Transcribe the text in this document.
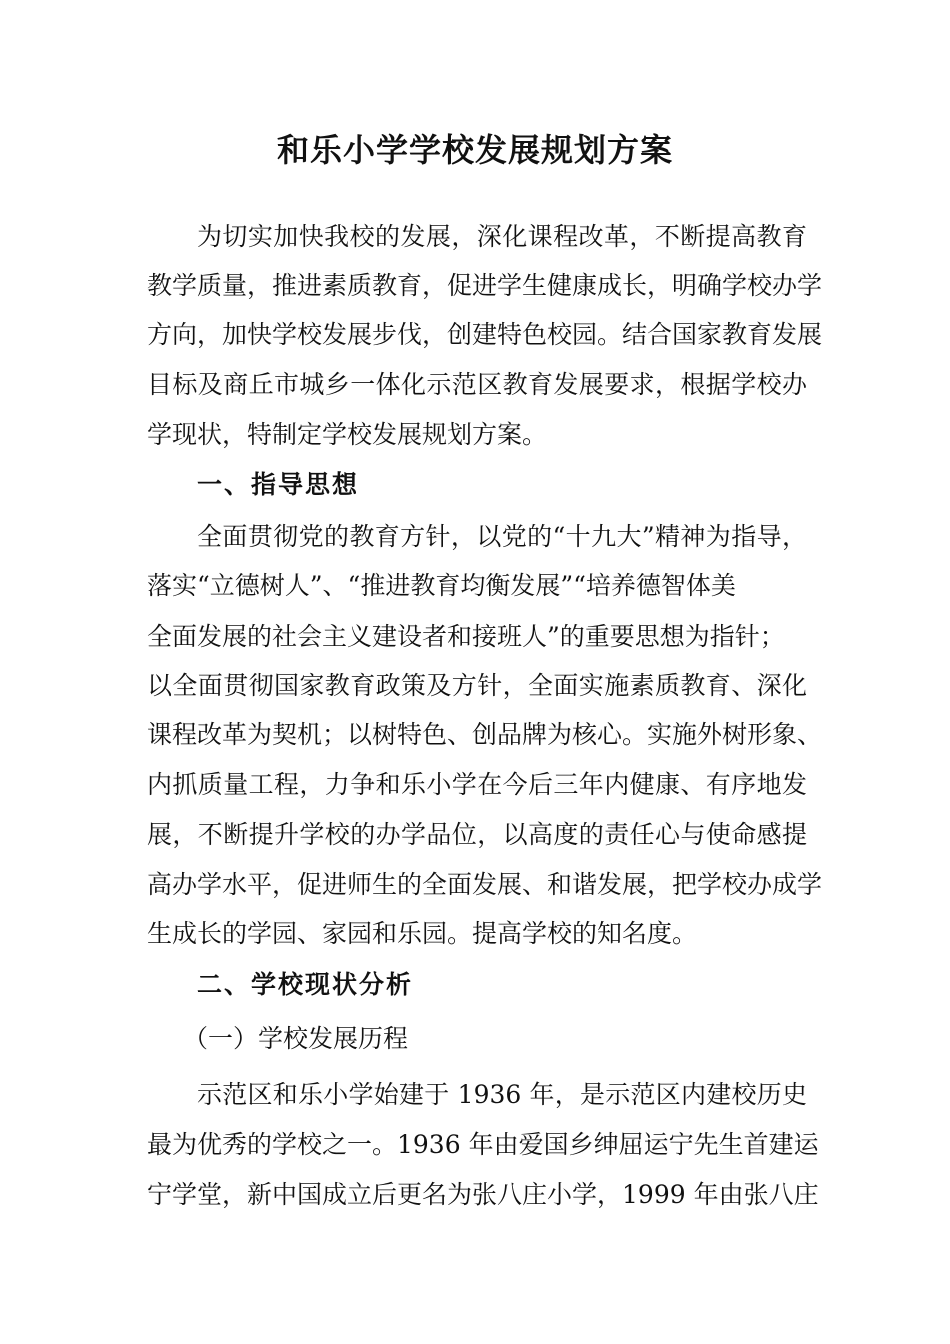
和乐小学学校发展规划方案
为切实加快我校的发展，深化课程改革，不断提高教育
教学质量，推进素质教育，促进学生健康成长，明确学校办学
方向，加快学校发展步伐，创建特色校园。结合国家教育发展
目标及商丘市城乡一体化示范区教育发展要求，根据学校办
学现状，特制定学校发展规划方案。
一、指导思想
全面贯彻党的教育方针，以党的“十九大”精神为指导，
落实“立德树人”、“推进教育均衡发展”“培养德智体美
全面发展的社会主义建设者和接班人”的重要思想为指针；
以全面贯彻国家教育政策及方针，全面实施素质教育、深化
课程改革为契机；以树特色、创品牌为核心。实施外树形象、
内抓质量工程，力争和乐小学在今后三年内健康、有序地发
展，不断提升学校的办学品位，以高度的责任心与使命感提
高办学水平，促进师生的全面发展、和谐发展，把学校办成学
生成长的学园、家园和乐园。提高学校的知名度。
二、学校现状分析
（一）学校发展历程
示范区和乐小学始建于 1936 年，是示范区内建校历史
最为优秀的学校之一。1936 年由爱国乡绅屈运宁先生首建运
宁学堂，新中国成立后更名为张八庄小学，1999 年由张八庄
